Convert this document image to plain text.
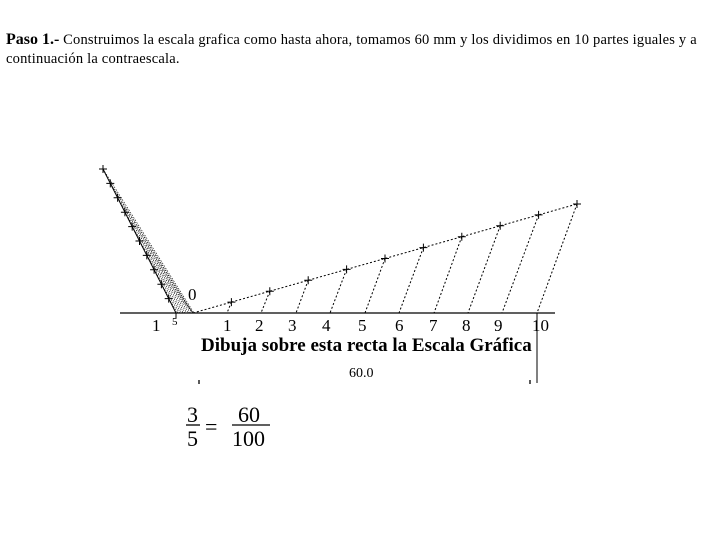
Paso 1.- Construimos la escala grafica como hasta ahora, tomamos 60 mm y los dividimos en 10 partes iguales y a continuación la contraescala.

1 2 3 4 5 6 7 8 9 10
0
1 5
Dibuja sobre esta recta la Escala Gráfica
60.0
3
5 = 60
100
